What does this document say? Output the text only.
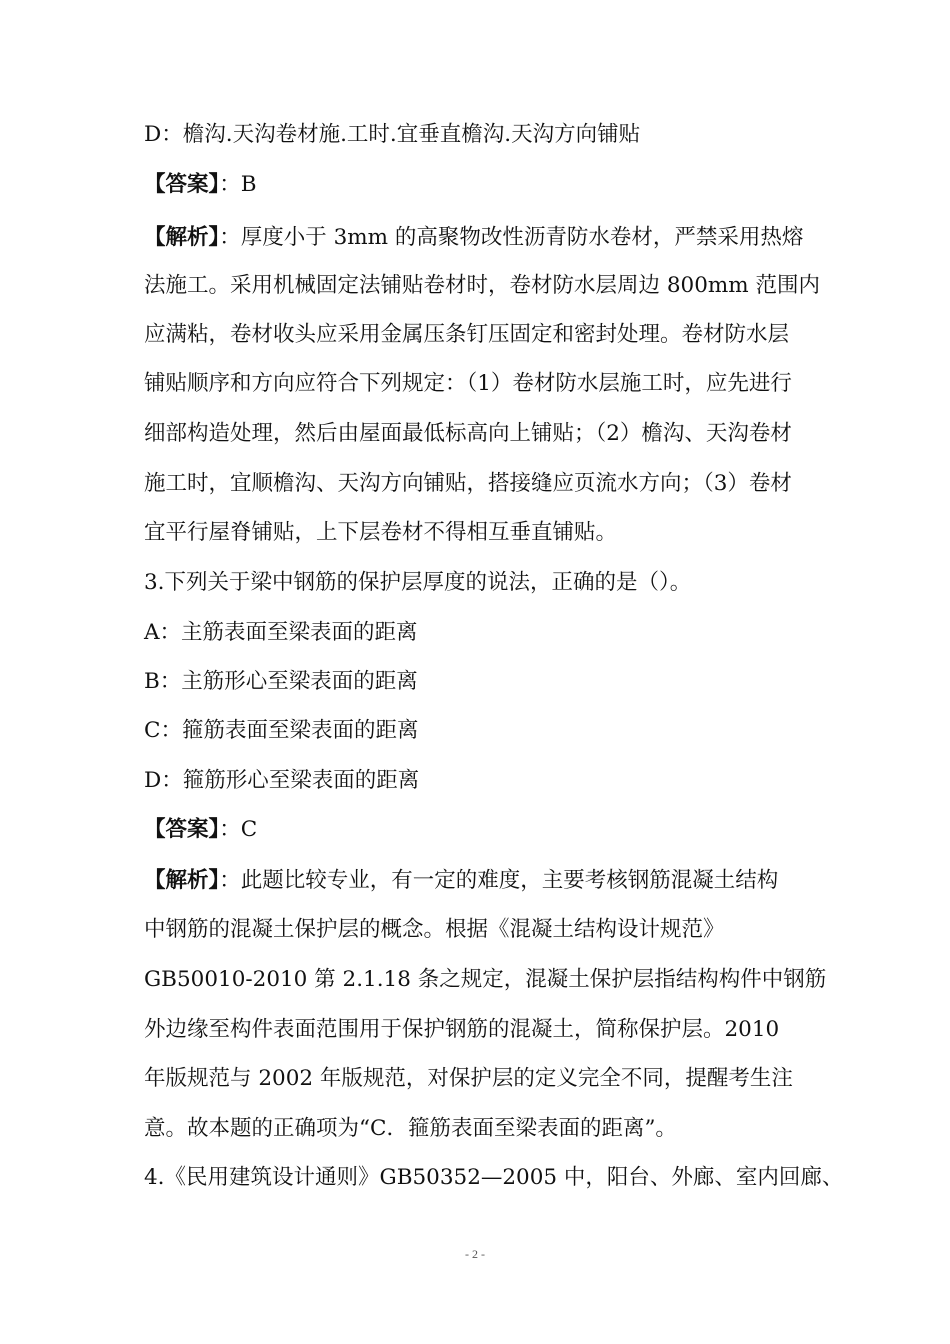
D：檐沟.天沟卷材施.工时.宜垂直檐沟.天沟方向铺贴
【答案】：B
【解析】：厚度小于 3mm 的高聚物改性沥青防水卷材，严禁采用热熔
法施工。采用机械固定法铺贴卷材时，卷材防水层周边 800mm 范围内
应满粘，卷材收头应采用金属压条钉压固定和密封处理。卷材防水层
铺贴顺序和方向应符合下列规定：（1）卷材防水层施工时，应先进行
细部构造处理，然后由屋面最低标高向上铺贴；（2）檐沟、天沟卷材
施工时，宜顺檐沟、天沟方向铺贴，搭接缝应页流水方向；（3）卷材
宜平行屋脊铺贴，上下层卷材不得相互垂直铺贴。
3.下列关于梁中钢筋的保护层厚度的说法，正确的是（）。
A：主筋表面至梁表面的距离
B：主筋形心至梁表面的距离
C：箍筋表面至梁表面的距离
D：箍筋形心至梁表面的距离
【答案】：C
【解析】：此题比较专业，有一定的难度，主要考核钢筋混凝土结构
中钢筋的混凝土保护层的概念。根据《混凝土结构设计规范》
GB50010-2010 第 2.1.18 条之规定，混凝土保护层指结构构件中钢筋
外边缘至构件表面范围用于保护钢筋的混凝土，简称保护层。2010
年版规范与 2002 年版规范，对保护层的定义完全不同，提醒考生注
意。故本题的正确项为“C．箍筋表面至梁表面的距离”。
4.《民用建筑设计通则》GB50352—2005 中，阳台、外廊、室内回廊、
- 2 -
